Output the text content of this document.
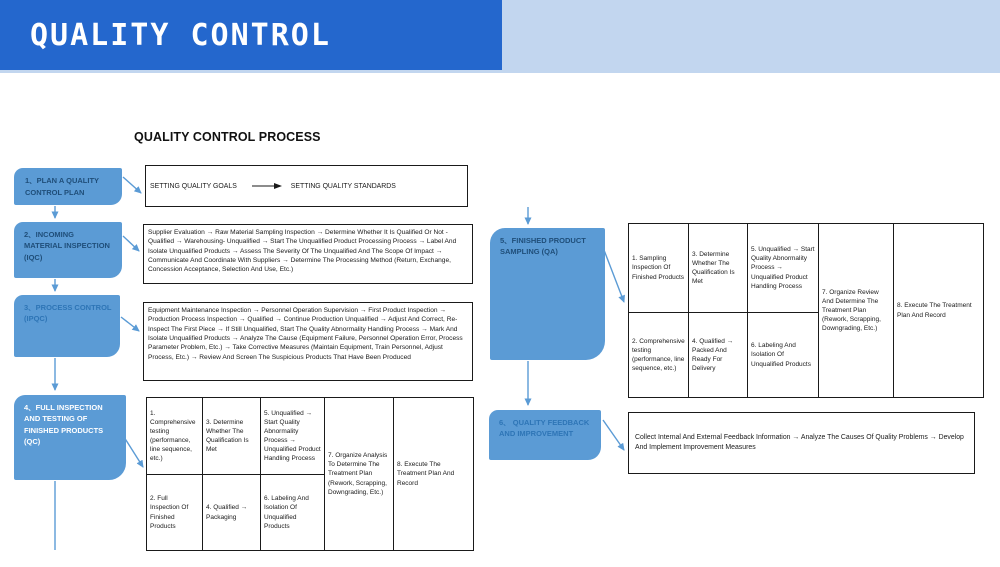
QUALITY CONTROL
QUALITY CONTROL PROCESS
1、PLAN A QUALITY CONTROL PLAN
2、INCOMING MATERIAL INSPECTION (IQC)
3、PROCESS CONTROL (IPQC)
4、FULL INSPECTION AND TESTING OF FINISHED PRODUCTS (QC)
5、FINISHED PRODUCT SAMPLING (QA)
6、 QUALITY FEEDBACK AND IMPROVEMENT
SETTING QUALITY GOALS	SETTING QUALITY STANDARDS

Supplier Evaluation → Raw Material Sampling Inspection → Determine Whether It Is Qualified Or Not - Qualified → Warehousing- Unqualified → Start The Unqualified Product Processing Process → Label And Isolate Unqualified Products → Assess The Severity Of The Unqualified And The Scope Of Impact → Communicate And Coordinate With Suppliers → Determine The Processing Method (Return, Exchange, Concession Acceptance, Selection And Use, Etc.)

Equipment Maintenance Inspection → Personnel Operation Supervision → First Product Inspection → Production Process Inspection → Qualified → Continue Production Unqualified → Adjust And Correct, Re-Inspect The First Piece → If Still Unqualified, Start The Quality Abnormality Handling Process → Mark And Isolate Unqualified Products → Analyze The Cause (Equipment Failure, Personnel Operation Error, Process Parameter Problem, Etc.) → Take Corrective Measures (Maintain Equipment, Train Personnel, Adjust Process, Etc.) → Review And Screen The Suspicious Products That Have Been Produced

Collect Internal And External Feedback Information → Analyze The Causes Of Quality Problems → Develop And Implement Improvement Measures

1. Comprehensive testing (performance, line sequence, etc.)	3. Determine Whether The Qualification Is Met	5. Unqualified → Start Quality Abnormality Process → Unqualified Product Handling Process	7. Organize Analysis To Determine The Treatment Plan (Rework, Scrapping, Downgrading, Etc.)	8. Execute The Treatment Plan And Record
2. Full Inspection Of Finished Products	4. Qualified → Packaging	6. Labeling And Isolation Of Unqualified Products		
1. Sampling Inspection Of Finished Products	3. Determine Whether The Qualification Is Met	5. Unqualified → Start Quality Abnormality Process → Unqualified Product Handling Process	7. Organize Review And Determine The Treatment Plan (Rework, Scrapping, Downgrading, Etc.)	8. Execute The Treatment Plan And Record
2. Comprehensive testing (performance, line sequence, etc.)	4. Qualified → Packed And Ready For Delivery	6. Labeling And Isolation Of Unqualified Products		
